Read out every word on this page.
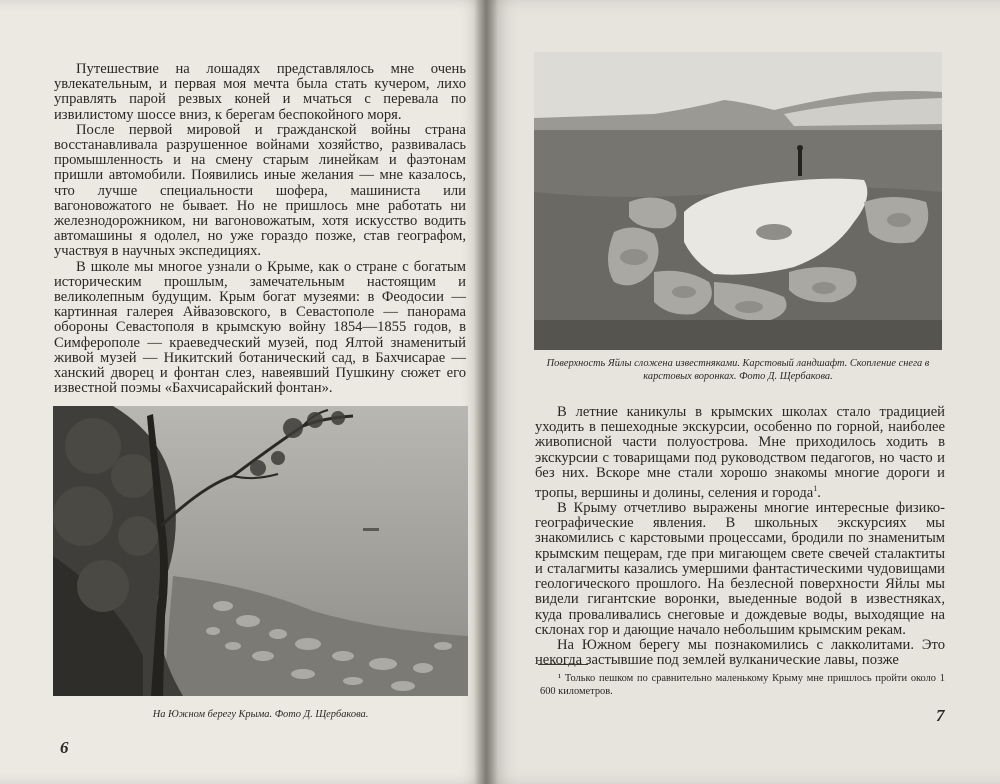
Путешествие на лошадях представлялось мне очень увлекательным, и первая моя мечта была стать кучером, лихо управлять парой резвых коней и мчаться с перевала по извилистому шоссе вниз, к берегам беспокойного моря.

После первой мировой и гражданской войны страна восстанавливала разрушенное войнами хозяйство, развивалась промышленность и на смену старым линейкам и фаэтонам пришли автомобили. Появились иные желания — мне казалось, что лучше специальности шофера, машиниста или вагоновожатого не бывает. Но не пришлось мне работать ни железнодорожником, ни вагоновожатым, хотя искусство водить автомашины я одолел, но уже гораздо позже, став географом, участвуя в научных экспедициях.

В школе мы многое узнали о Крыме, как о стране с богатым историческим прошлым, замечательным настоящим и великолепным будущим. Крым богат музеями: в Феодосии — картинная галерея Айвазовского, в Севастополе — панорама обороны Севастополя в крымскую войну 1854—1855 годов, в Симферополе — краеведческий музей, под Ялтой знаменитый живой музей — Никитский ботанический сад, в Бахчисарае — ханский дворец и фонтан слез, навеявший Пушкину сюжет его известной поэмы «Бахчисарайский фонтан».

На Южном берегу Крыма. Фото Д. Щербакова.
6
Поверхность Яйлы сложена известняками. Карстовый ландшафт. Скопление снега в карстовых воронках. Фото Д. Щербакова.

В летние каникулы в крымских школах стало традицией уходить в пешеходные экскурсии, особенно по горной, наиболее живописной части полуострова. Мне приходилось ходить в экскурсии с товарищами под руководством педагогов, но часто и без них. Вскоре мне стали хорошо знакомы многие дороги и тропы, вершины и долины, селения и города$^1$.

В Крыму отчетливо выражены многие интересные физико-географические явления. В школьных экскурсиях мы знакомились с карстовыми процессами, бродили по знаменитым крымским пещерам, где при мигающем свете свечей сталактиты и сталагмиты казались умершими фантастическими чудовищами геологического прошлого. На безлесной поверхности Яйлы мы видели гигантские воронки, выеденные водой в известняках, куда проваливались снеговые и дождевые воды, выходящие на склонах гор и дающие начало небольшим крымским рекам.

На Южном берегу мы познакомились с лакколитами. Это некогда застывшие под землей вулканические лавы, позже

¹ Только пешком по сравнительно маленькому Крыму мне пришлось пройти около 1 600 километров.

7
